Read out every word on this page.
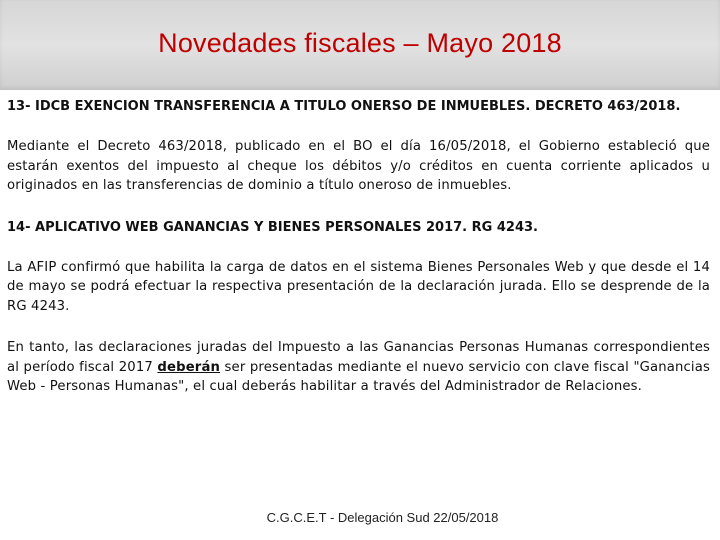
Novedades fiscales – Mayo 2018

13- IDCB EXENCION TRANSFERENCIA A TITULO ONERSO DE INMUEBLES. DECRETO 463/2018.

Mediante el Decreto 463/2018, publicado en el BO el día 16/05/2018, el Gobierno estableció que estarán exentos del impuesto al cheque los débitos y/o créditos en cuenta corriente aplicados u originados en las transferencias de dominio a título oneroso de inmuebles.

14- APLICATIVO WEB GANANCIAS Y BIENES PERSONALES 2017. RG 4243.

La AFIP confirmó que habilita la carga de datos en el sistema Bienes Personales Web y que desde el 14 de mayo se podrá efectuar la respectiva presentación de la declaración jurada. Ello se desprende de la RG 4243.

En tanto, las declaraciones juradas del Impuesto a las Ganancias Personas Humanas correspondientes al período fiscal 2017 deberán ser presentadas mediante el nuevo servicio con clave fiscal "Ganancias Web - Personas Humanas", el cual deberás habilitar a través del Administrador de Relaciones.

C.G.C.E.T - Delegación Sud 22/05/2018
